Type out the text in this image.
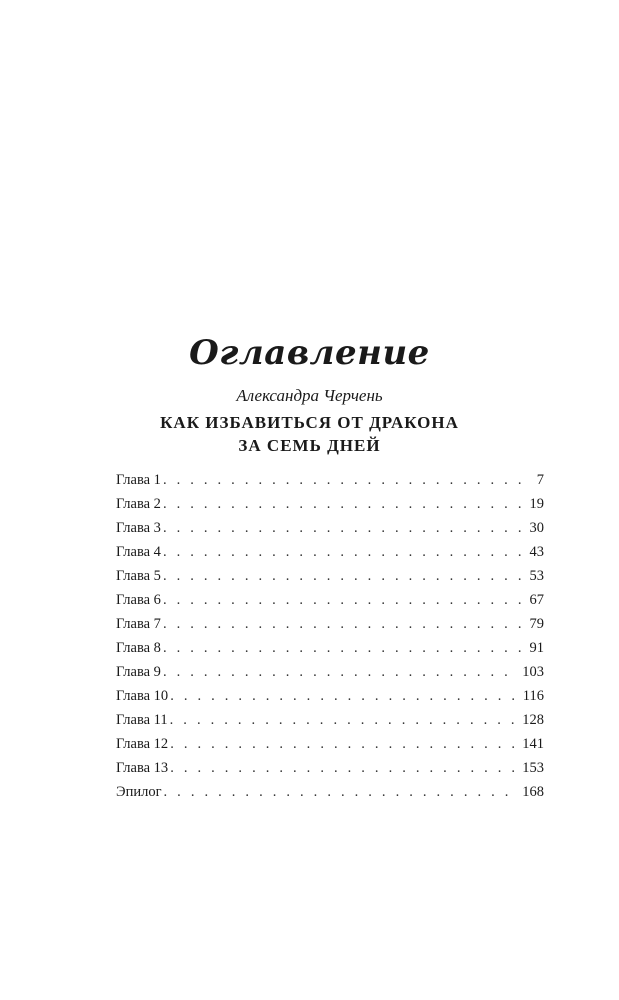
Оглавление
Александра Черчень
КАК ИЗБАВИТЬСЯ ОТ ДРАКОНА
ЗА СЕМЬ ДНЕЙ
Глава 1 . . .	7
Глава 2 . . .	19
Глава 3 . . .	30
Глава 4 . . .	43
Глава 5 . . .	53
Глава 6 . . .	67
Глава 7 . . .	79
Глава 8 . . .	91
Глава 9 . . .	103
Глава 10 . . .	116
Глава 11 . . .	128
Глава 12 . . .	141
Глава 13 . . .	153
Эпилог . . .	168
